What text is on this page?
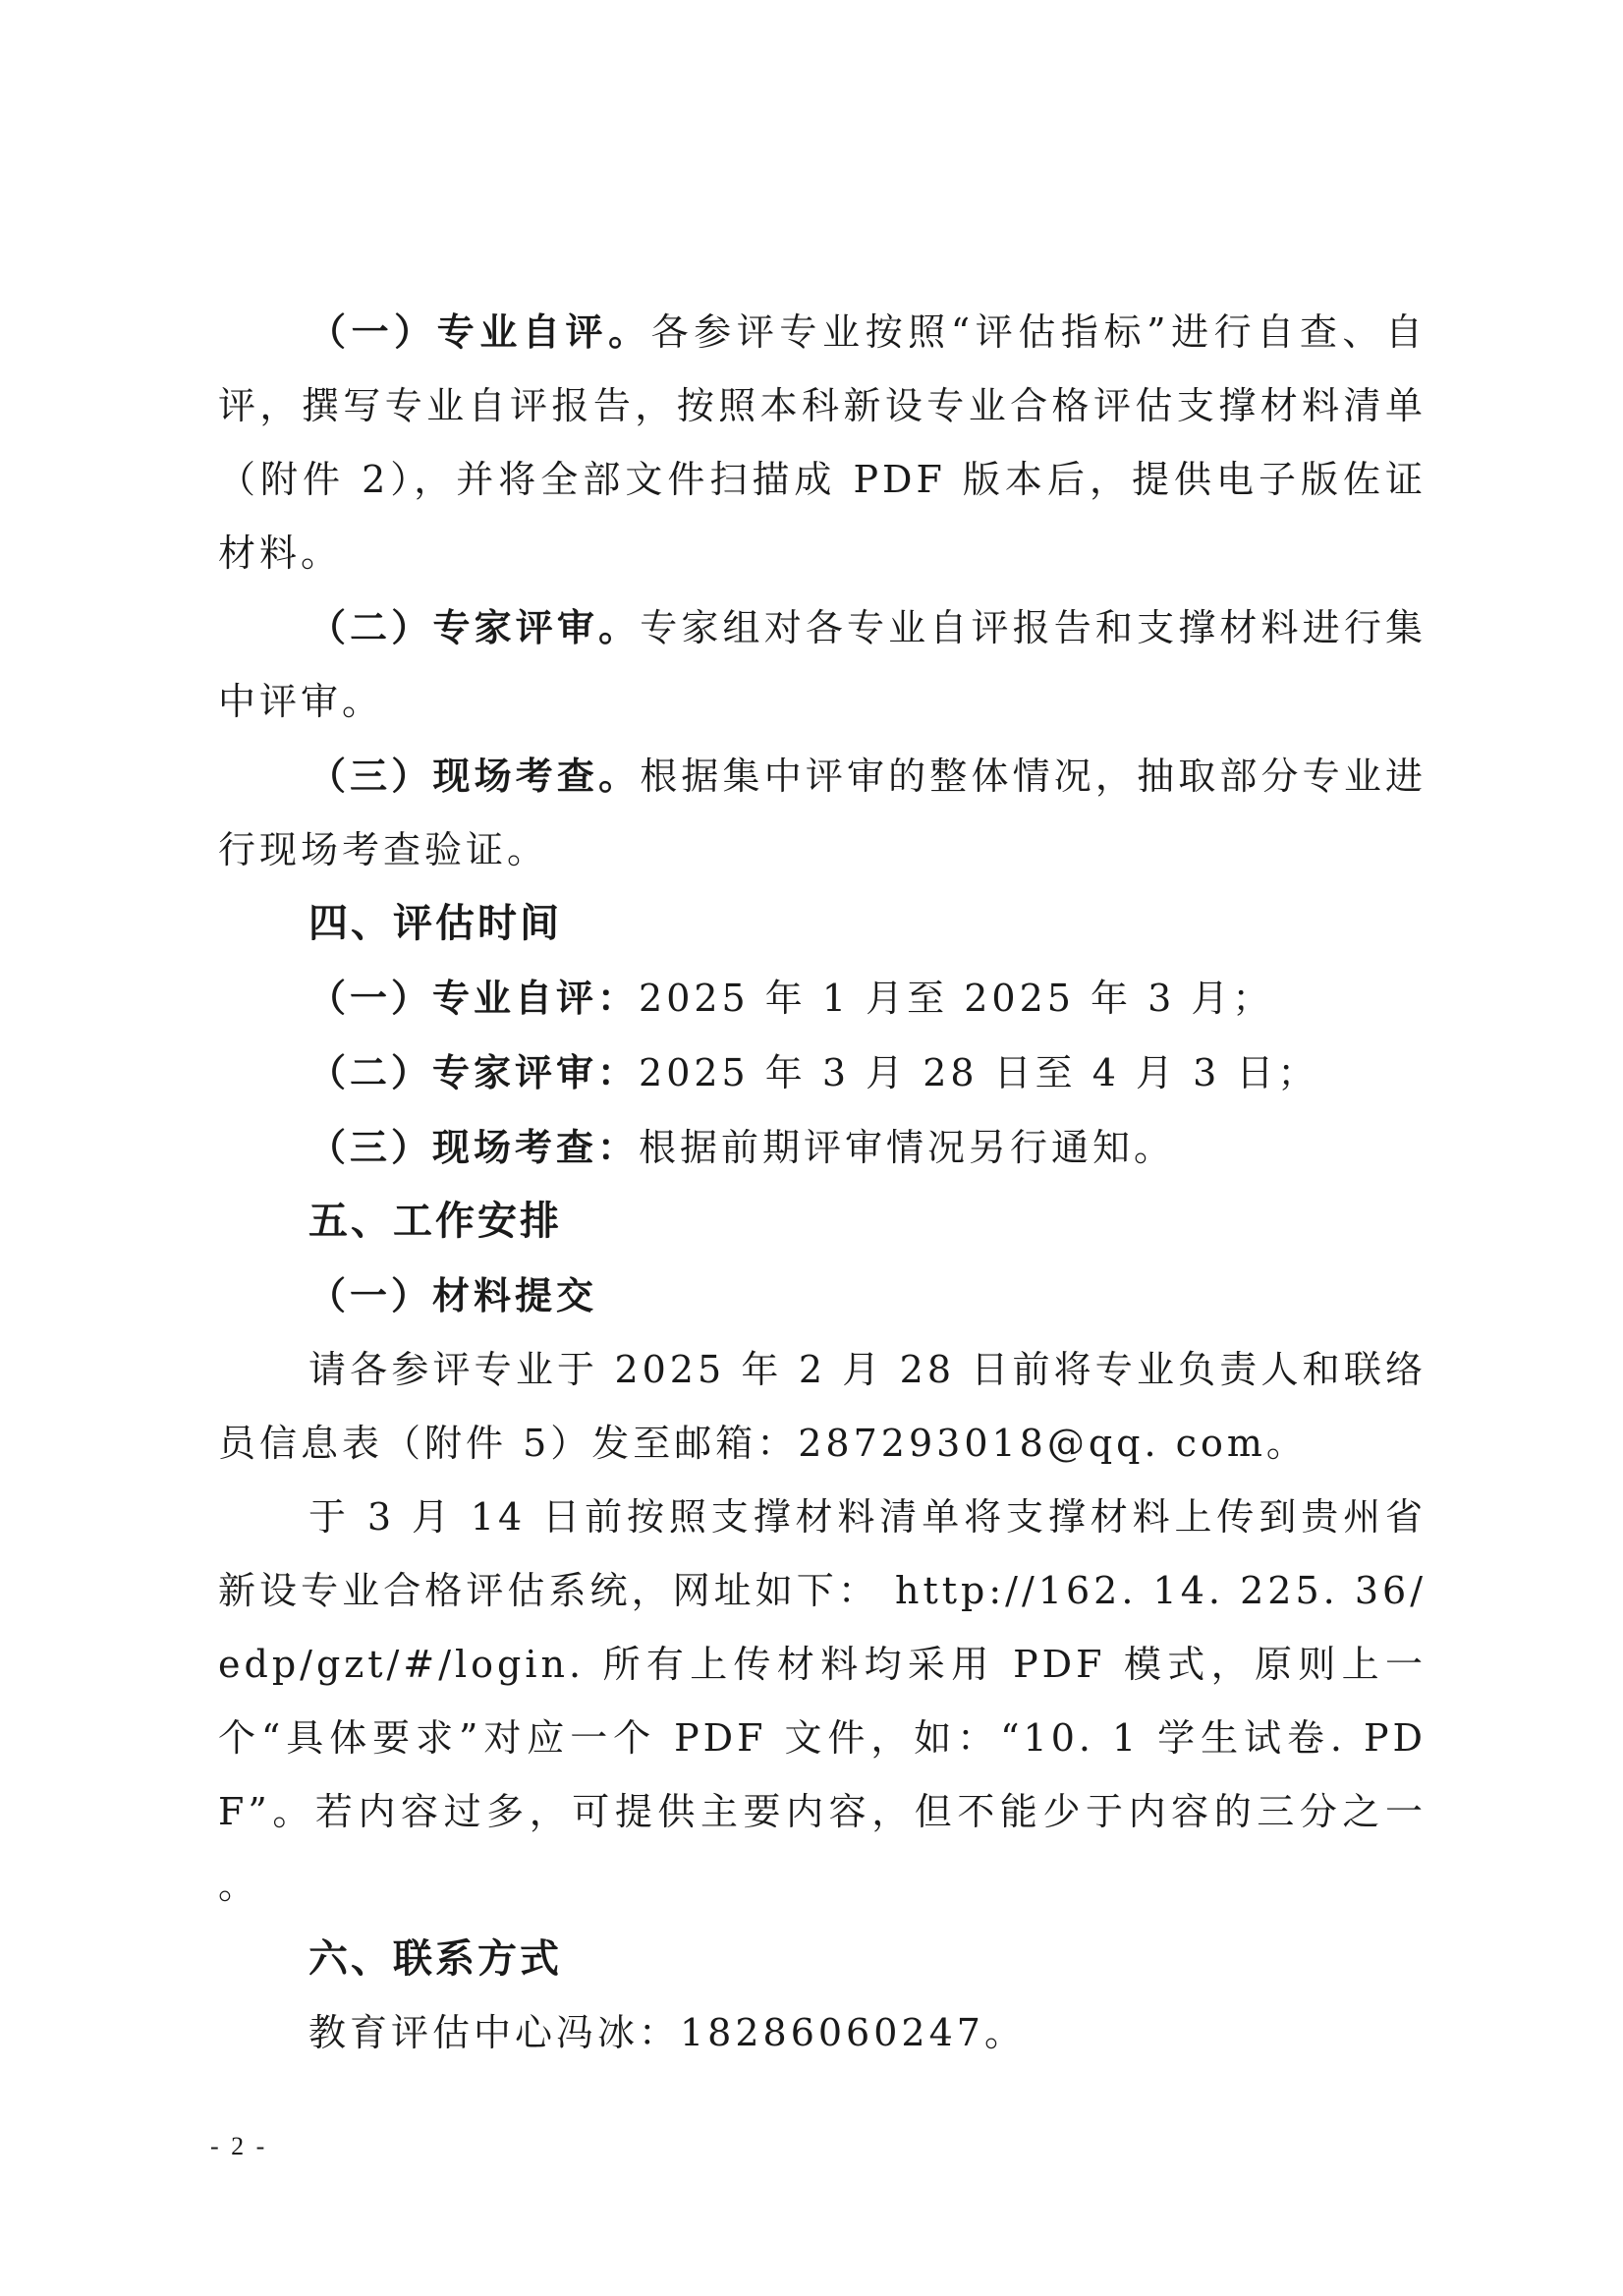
（一）专业自评。各参评专业按照“评估指标”进行自查、自评，撰写专业自评报告，按照本科新设专业合格评估支撑材料清单（附件 2），并将全部文件扫描成 PDF 版本后，提供电子版佐证材料。

（二）专家评审。专家组对各专业自评报告和支撑材料进行集中评审。

（三）现场考查。根据集中评审的整体情况，抽取部分专业进行现场考查验证。

四、评估时间

（一）专业自评：2025 年 1 月至 2025 年 3 月；

（二）专家评审：2025 年 3 月 28 日至 4 月 3 日；

（三）现场考查：根据前期评审情况另行通知。

五、工作安排

（一）材料提交

请各参评专业于 2025 年 2 月 28 日前将专业负责人和联络员信息表（附件 5）发至邮箱：287293018@qq. com。

于 3 月 14 日前按照支撑材料清单将支撑材料上传到贵州省新设专业合格评估系统，网址如下： http://162. 14. 225. 36/edp/gzt/#/login. 所有上传材料均采用 PDF 模式，原则上一个“具体要求”对应一个 PDF 文件，如：“10. 1 学生试卷. PDF”。若内容过多，可提供主要内容，但不能少于内容的三分之一 。

六、联系方式

教育评估中心冯冰：18286060247。

- 2 -
